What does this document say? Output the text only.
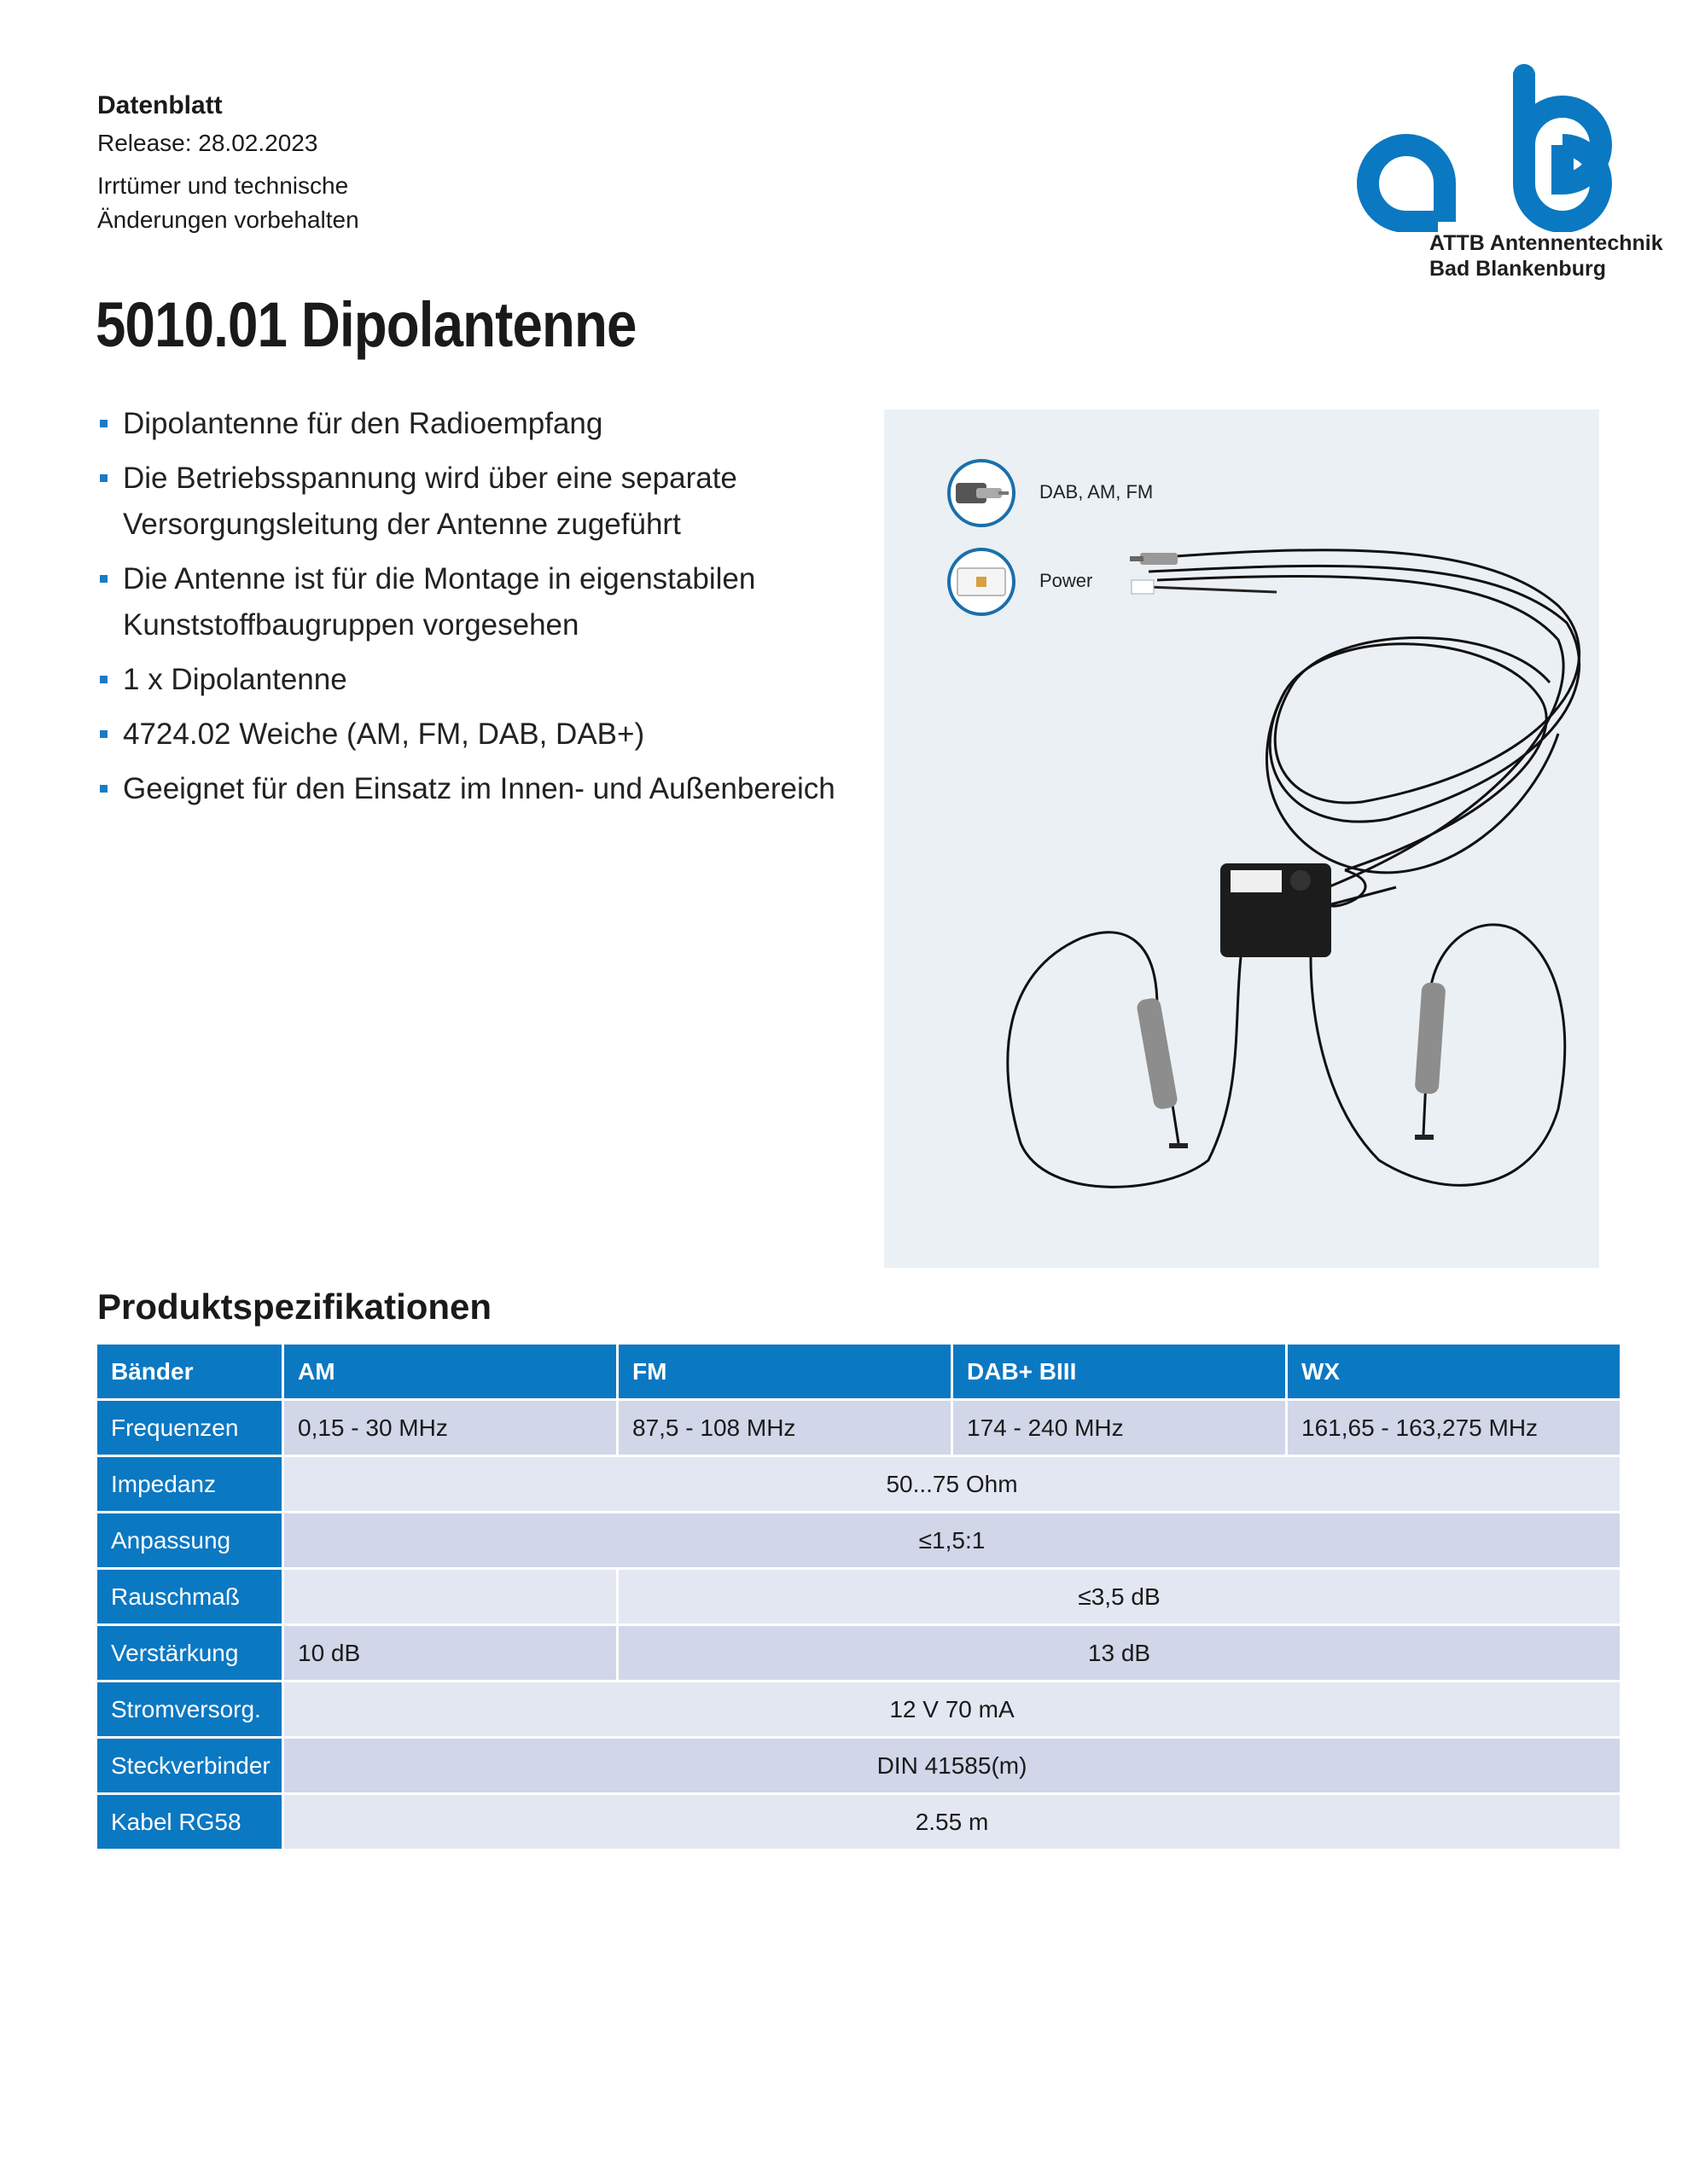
Datenblatt
Release: 28.02.2023
Irrtümer und technische
Änderungen vorbehalten
ATTB Antennentechnik
Bad Blankenburg
5010.01 Dipolantenne
Dipolantenne für den Radioempfang
Die Betriebsspannung wird über eine separate Versorgungsleitung der Antenne zugeführt
Die Antenne ist für die Montage in eigenstabilen Kunststoffbaugruppen vorgesehen
1 x Dipolantenne
4724.02 Weiche (AM, FM, DAB, DAB+)
Geeignet für den Einsatz im Innen- und Außenbereich
DAB, AM, FM
Power
Produktspezifikationen
Bänder	AM	FM	DAB+ BIII	WX
Frequenzen	0,15 - 30 MHz	87,5 - 108 MHz	174 - 240 MHz	161,65 - 163,275 MHz
Impedanz	50...75 Ohm			
Anpassung	≤1,5:1			
Rauschmaß		≤3,5 dB		
Verstärkung	10 dB	13 dB		
Stromversorg.	12 V 70 mA			
Steckverbinder	DIN 41585(m)			
Kabel RG58	2.55 m			
